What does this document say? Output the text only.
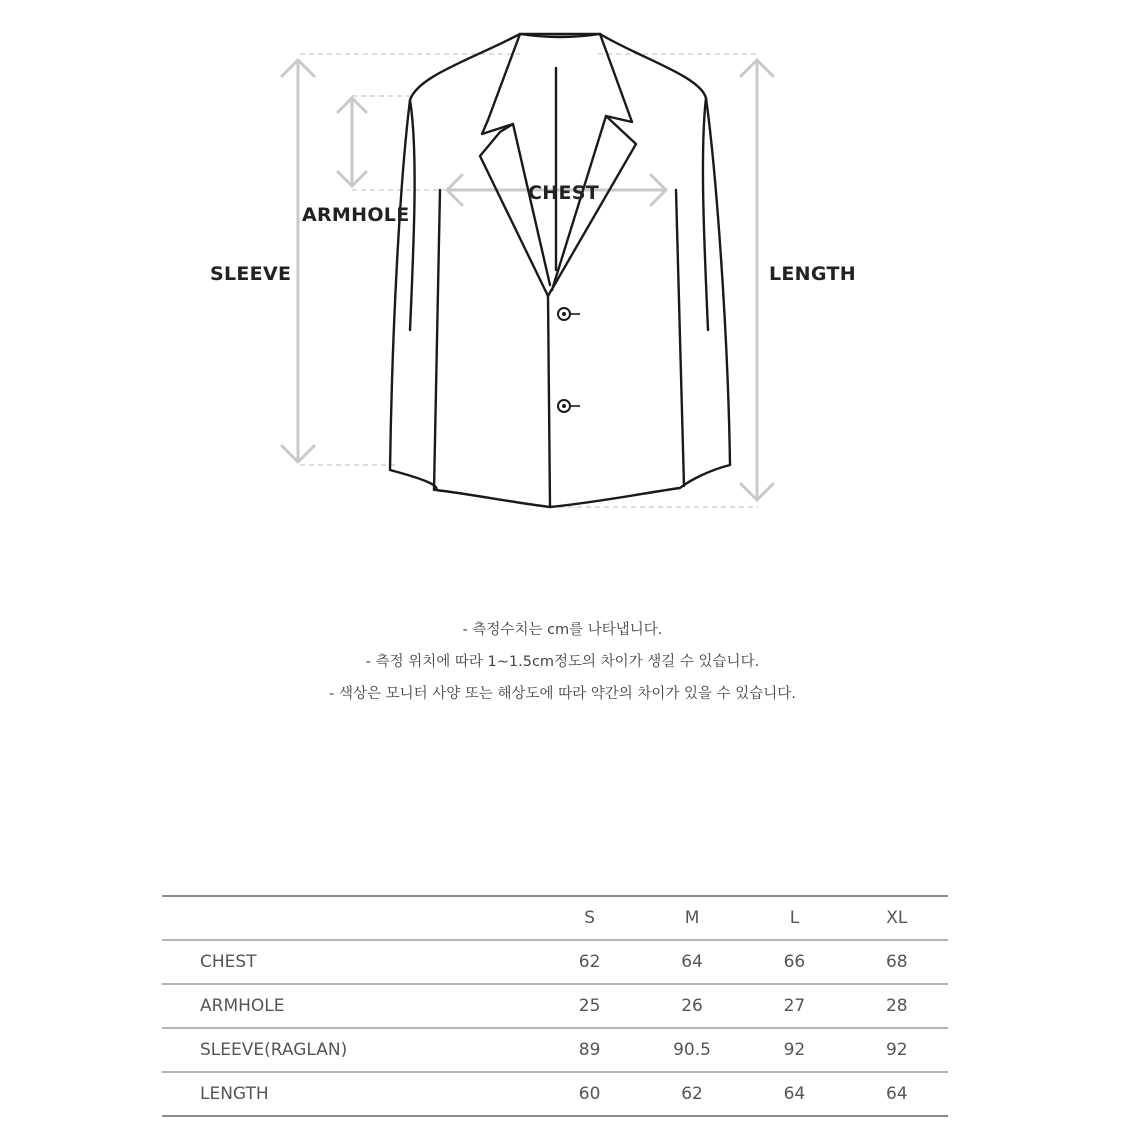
CHEST
ARMHOLE
SLEEVE	LENGTH
- 측정수치는 cm를 나타냅니다.
- 측정 위치에 따라 1~1.5cm정도의 차이가 생길 수 있습니다.
- 색상은 모니터 사양 또는 해상도에 따라 약간의 차이가 있을 수 있습니다.
	S	M	L	XL
CHEST	62	64	66	68
ARMHOLE	25	26	27	28
SLEEVE(RAGLAN)	89	90.5	92	92
LENGTH	60	62	64	64
